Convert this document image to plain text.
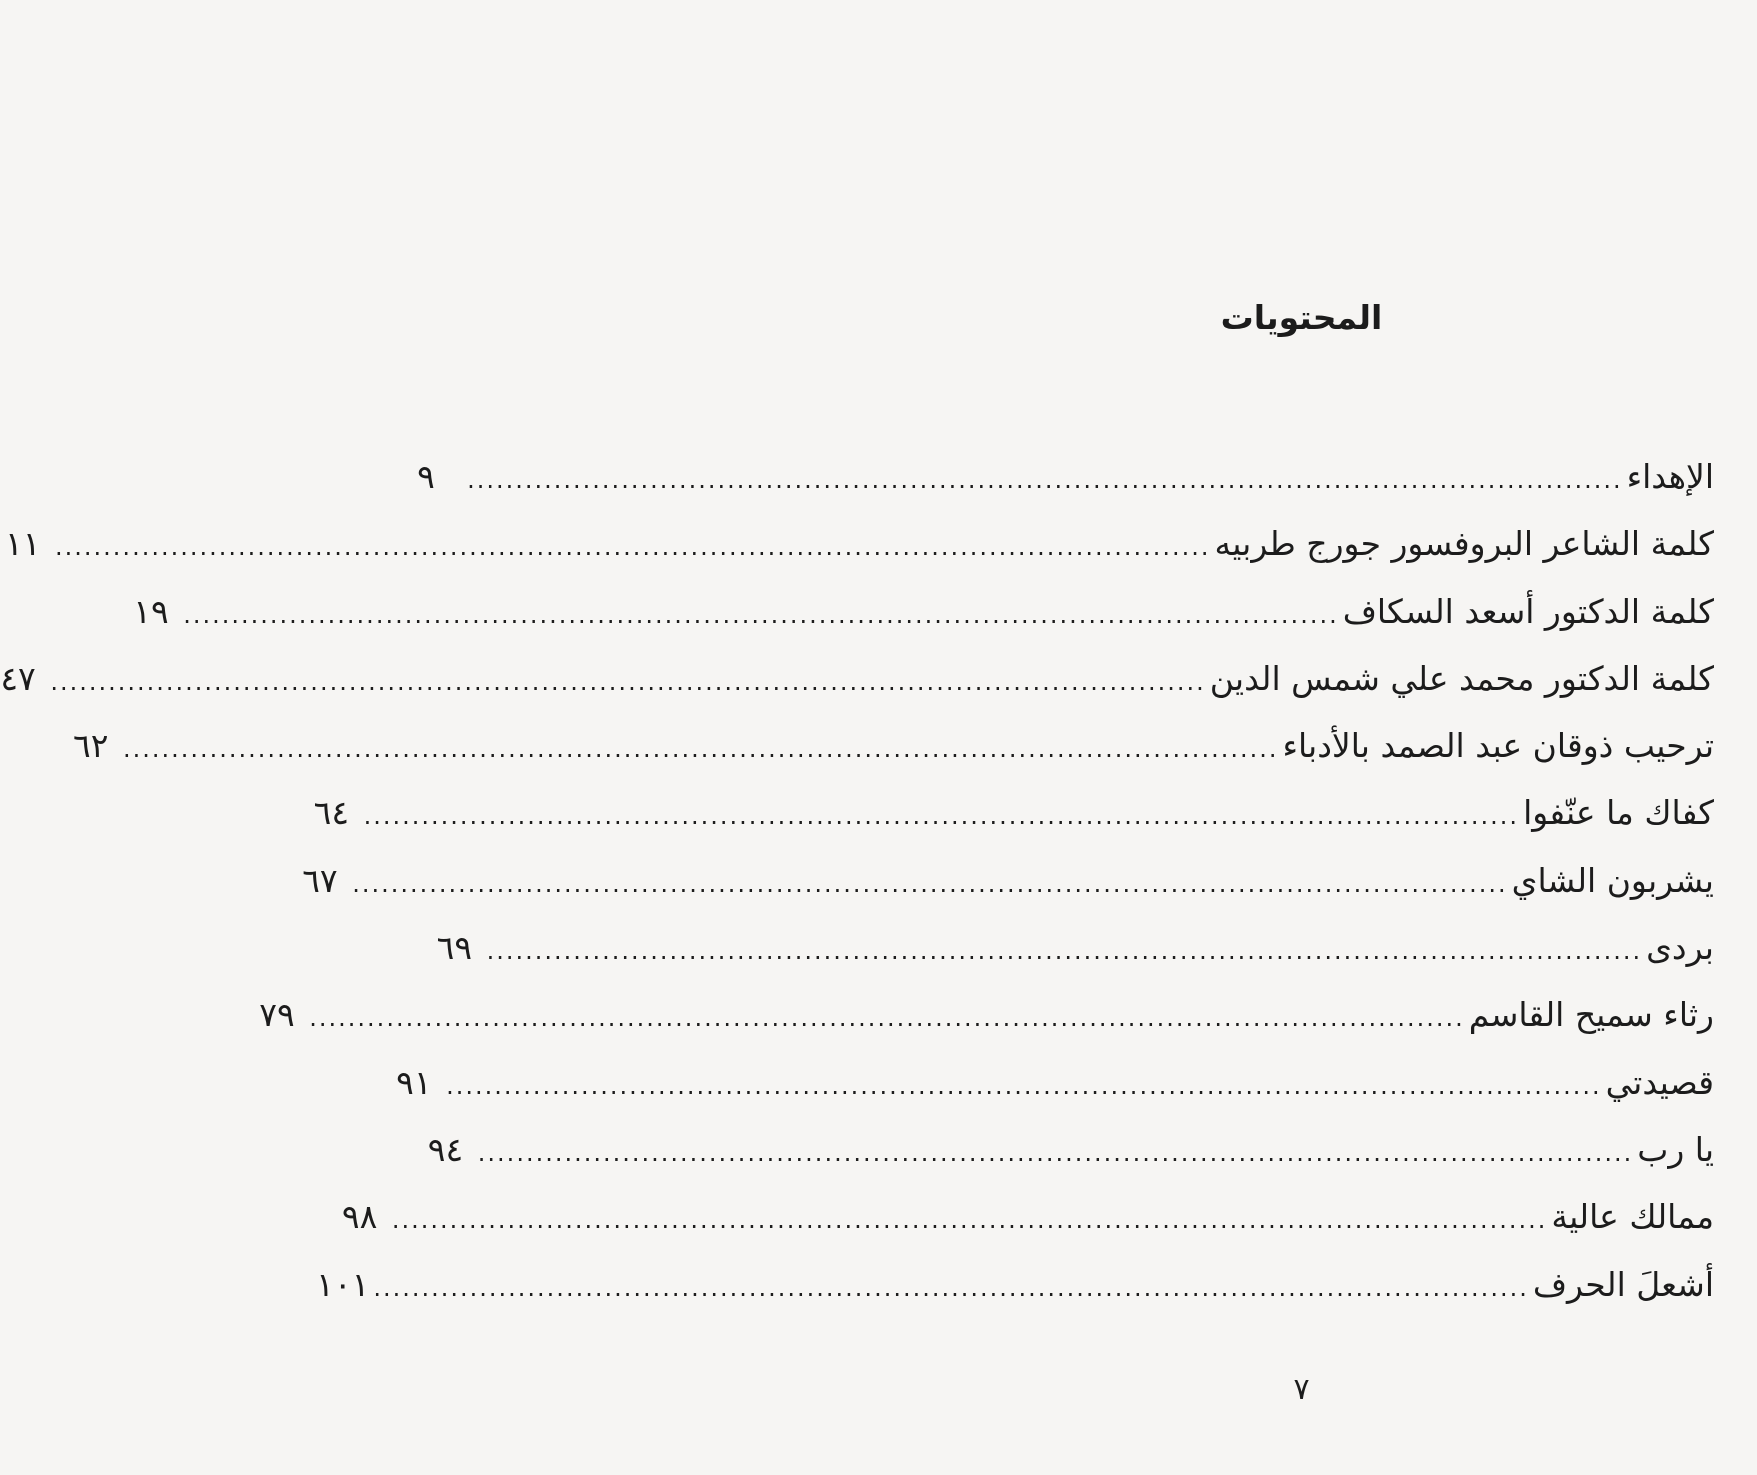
المحتويات
الإهداء
........................................................................................................................
٩
كلمة الشاعر البروفسور جورج طربيه
........................................................................................................................
١١
كلمة الدكتور أسعد السكاف
........................................................................................................................
١٩
كلمة الدكتور محمد علي شمس الدين
........................................................................................................................
٤٧
ترحيب ذوقان عبد الصمد بالأدباء
........................................................................................................................
٦٢
كفاك ما عنّفوا
........................................................................................................................
٦٤
يشربون الشاي
........................................................................................................................
٦٧
بردى
........................................................................................................................
٦٩
رثاء سميح القاسم
........................................................................................................................
٧٩
قصيدتي
........................................................................................................................
٩١
يا رب
........................................................................................................................
٩٤
ممالك عالية
........................................................................................................................
٩٨
أشعلَ الحرف
........................................................................................................................
١٠١
٧
